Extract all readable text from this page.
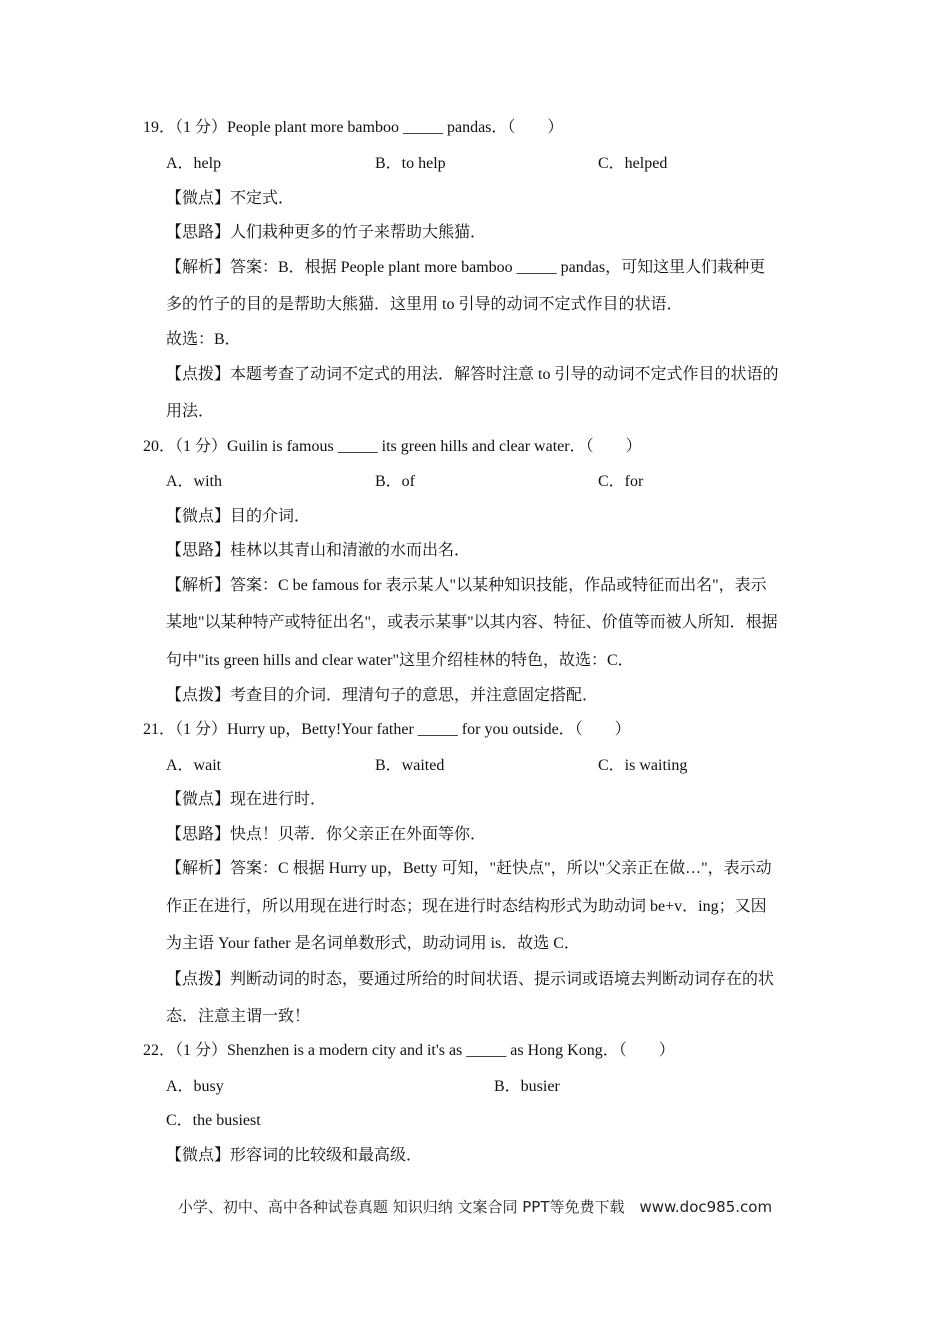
19．（1 分）People plant more bamboo _____ pandas．（　　）
A．help	B．to help	C．helped
【微点】不定式．
【思路】人们栽种更多的竹子来帮助大熊猫．
【解析】答案：B．根据 People plant more bamboo _____ pandas，可知这里人们栽种更
多的竹子的目的是帮助大熊猫．这里用 to 引导的动词不定式作目的状语．
故选：B．
【点拨】本题考查了动词不定式的用法．解答时注意 to 引导的动词不定式作目的状语的
用法．
20．（1 分）Guilin is famous _____ its green hills and clear water．（　　）
A．with	B．of	C．for
【微点】目的介词．
【思路】桂林以其青山和清澈的水而出名．
【解析】答案：C be famous for 表示某人"以某种知识技能，作品或特征而出名"，表示
某地"以某种特产或特征出名"，或表示某事"以其内容、特征、价值等而被人所知．根据
句中"its green hills and clear water"这里介绍桂林的特色，故选：C．
【点拨】考查目的介词．理清句子的意思，并注意固定搭配．
21．（1 分）Hurry up，Betty!Your father _____ for you outside．（　　）
A．wait	B．waited	C．is waiting
【微点】现在进行时．
【思路】快点！贝蒂．你父亲正在外面等你．
【解析】答案：C 根据 Hurry up，Betty 可知，"赶快点"，所以"父亲正在做…"，表示动
作正在进行，所以用现在进行时态；现在进行时态结构形式为助动词 be+v．ing；又因
为主语 Your father 是名词单数形式，助动词用 is．故选 C．
【点拨】判断动词的时态，要通过所给的时间状语、提示词或语境去判断动词存在的状
态．注意主谓一致！
22．（1 分）Shenzhen is a modern city and it's as _____ as Hong Kong．（　　）
A．busy	B．busier
C．the busiest
【微点】形容词的比较级和最高级．
小学、初中、高中各种试卷真题 知识归纳 文案合同 PPT等免费下载　www.doc985.com
